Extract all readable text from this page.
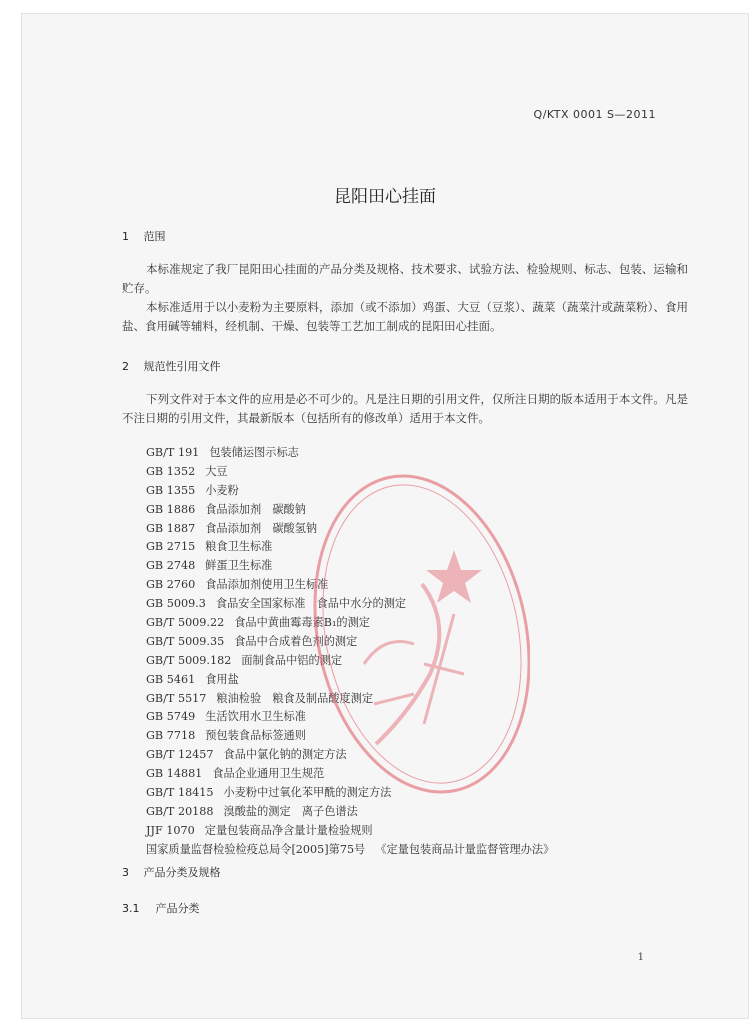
Q/KTX 0001 S—2011
昆阳田心挂面
1 范围

本标准规定了我厂昆阳田心挂面的产品分类及规格、技术要求、试验方法、检验规则、标志、包装、运输和贮存。

本标准适用于以小麦粉为主要原料，添加（或不添加）鸡蛋、大豆（豆浆）、蔬菜（蔬菜汁或蔬菜粉）、食用盐、食用碱等辅料，经机制、干燥、包装等工艺加工制成的昆阳田心挂面。

2 规范性引用文件

下列文件对于本文件的应用是必不可少的。凡是注日期的引用文件，仅所注日期的版本适用于本文件。凡是不注日期的引用文件，其最新版本（包括所有的修改单）适用于本文件。

GB/T 191 包装储运图示标志
GB 1352 大豆
GB 1355 小麦粉
GB 1886 食品添加剂　碳酸钠
GB 1887 食品添加剂　碳酸氢钠
GB 2715 粮食卫生标准
GB 2748 鲜蛋卫生标准
GB 2760 食品添加剂使用卫生标准
GB 5009.3 食品安全国家标准　食品中水分的测定
GB/T 5009.22 食品中黄曲霉毒素B₁的测定
GB/T 5009.35 食品中合成着色剂的测定
GB/T 5009.182 面制食品中铝的测定
GB 5461 食用盐
GB/T 5517 粮油检验　粮食及制品酸度测定
GB 5749 生活饮用水卫生标准
GB 7718 预包装食品标签通则
GB/T 12457 食品中氯化钠的测定方法
GB 14881 食品企业通用卫生规范
GB/T 18415 小麦粉中过氧化苯甲酰的测定方法
GB/T 20188 溴酸盐的测定　离子色谱法
JJF 1070 定量包装商品净含量计量检验规则
国家质量监督检验检疫总局令[2005]第75号 《定量包装商品计量监督管理办法》
3 产品分类及规格
3.1 产品分类
1
